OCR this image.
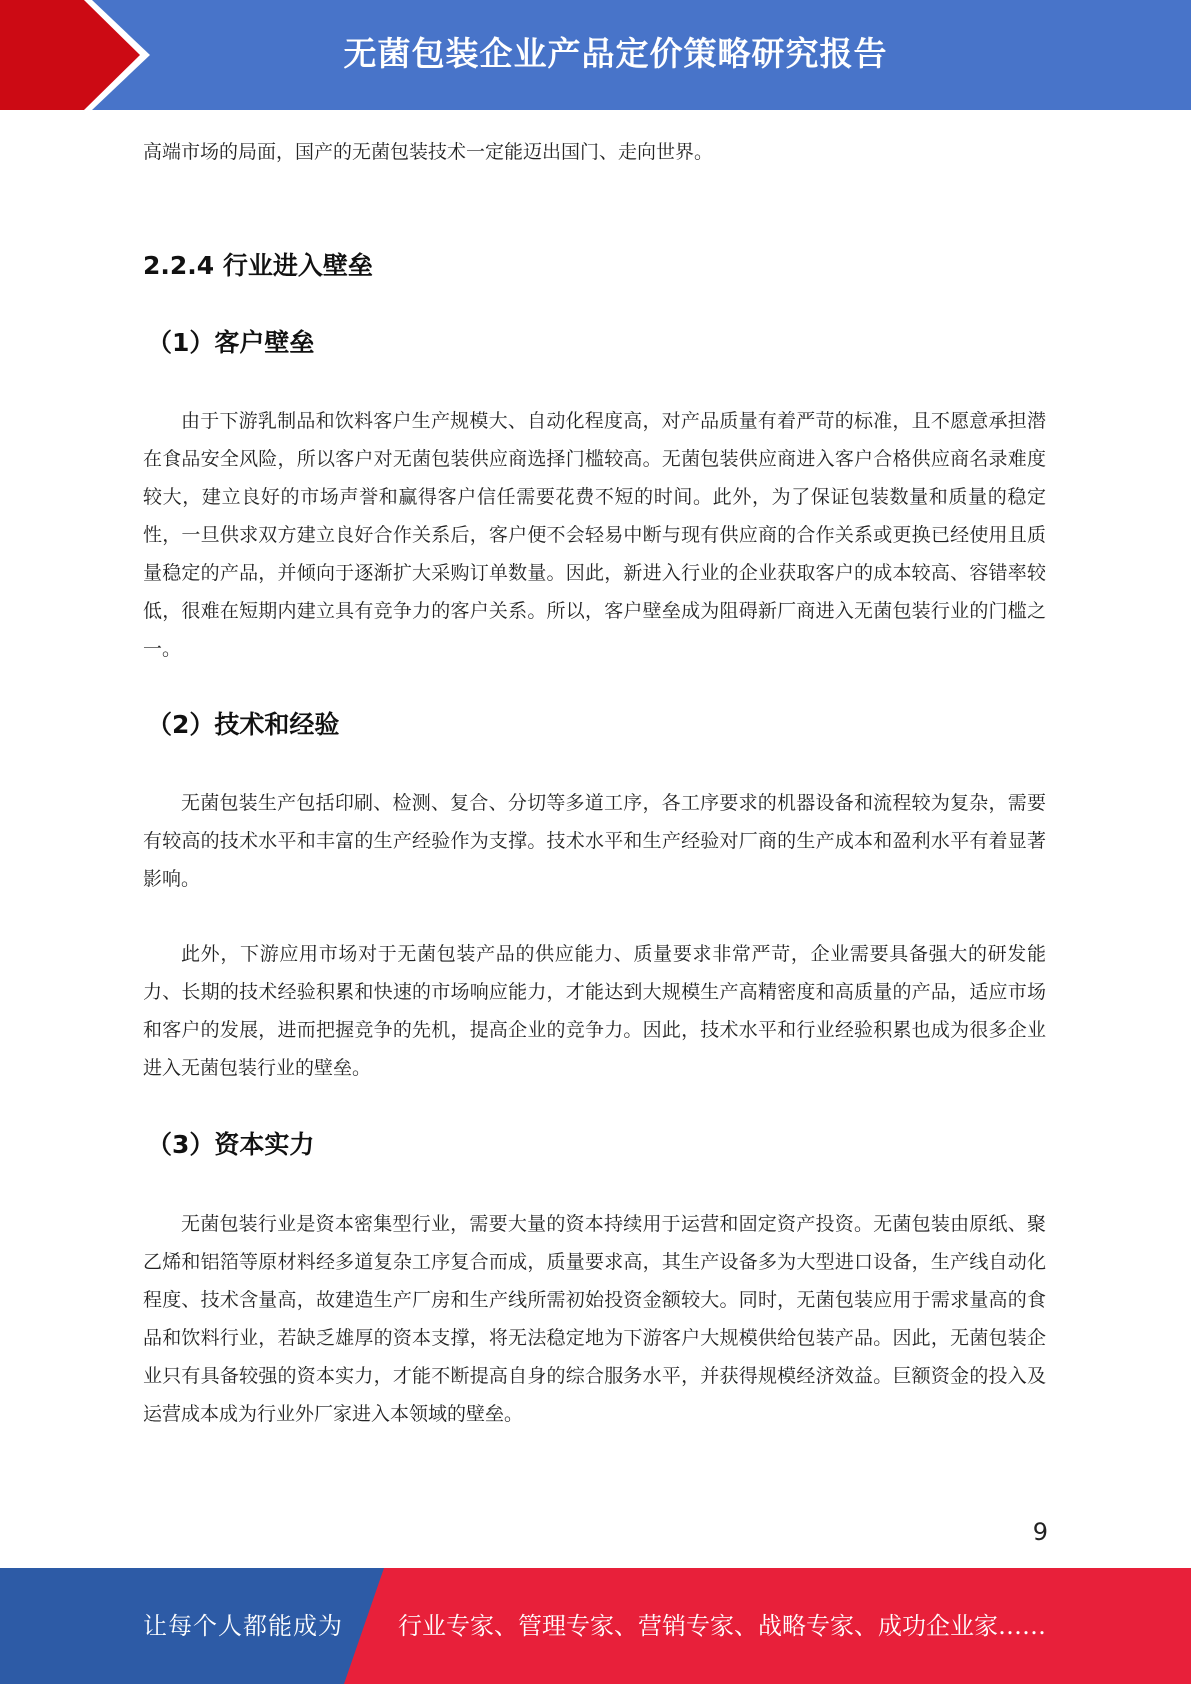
无菌包装企业产品定价策略研究报告

高端市场的局面，国产的无菌包装技术一定能迈出国门、走向世界。

2.2.4 行业进入壁垒
（1）客户壁垒

由于下游乳制品和饮料客户生产规模大、自动化程度高，对产品质量有着严苛的标准，且不愿意承担潜在食品安全风险，所以客户对无菌包装供应商选择门槛较高。无菌包装供应商进入客户合格供应商名录难度较大，建立良好的市场声誉和赢得客户信任需要花费不短的时间。此外，为了保证包装数量和质量的稳定性，一旦供求双方建立良好合作关系后，客户便不会轻易中断与现有供应商的合作关系或更换已经使用且质量稳定的产品，并倾向于逐渐扩大采购订单数量。因此，新进入行业的企业获取客户的成本较高、容错率较低，很难在短期内建立具有竞争力的客户关系。所以，客户壁垒成为阻碍新厂商进入无菌包装行业的门槛之一。

（2）技术和经验

无菌包装生产包括印刷、检测、复合、分切等多道工序，各工序要求的机器设备和流程较为复杂，需要有较高的技术水平和丰富的生产经验作为支撑。技术水平和生产经验对厂商的生产成本和盈利水平有着显著影响。

此外，下游应用市场对于无菌包装产品的供应能力、质量要求非常严苛，企业需要具备强大的研发能力、长期的技术经验积累和快速的市场响应能力，才能达到大规模生产高精密度和高质量的产品，适应市场和客户的发展，进而把握竞争的先机，提高企业的竞争力。因此，技术水平和行业经验积累也成为很多企业进入无菌包装行业的壁垒。

（3）资本实力

无菌包装行业是资本密集型行业，需要大量的资本持续用于运营和固定资产投资。无菌包装由原纸、聚乙烯和铝箔等原材料经多道复杂工序复合而成，质量要求高，其生产设备多为大型进口设备，生产线自动化程度、技术含量高，故建造生产厂房和生产线所需初始投资金额较大。同时，无菌包装应用于需求量高的食品和饮料行业，若缺乏雄厚的资本支撑，将无法稳定地为下游客户大规模供给包装产品。因此，无菌包装企业只有具备较强的资本实力，才能不断提高自身的综合服务水平，并获得规模经济效益。巨额资金的投入及运营成本成为行业外厂家进入本领域的壁垒。

9
让每个人都能成为 行业专家、管理专家、营销专家、战略专家、成功企业家……
